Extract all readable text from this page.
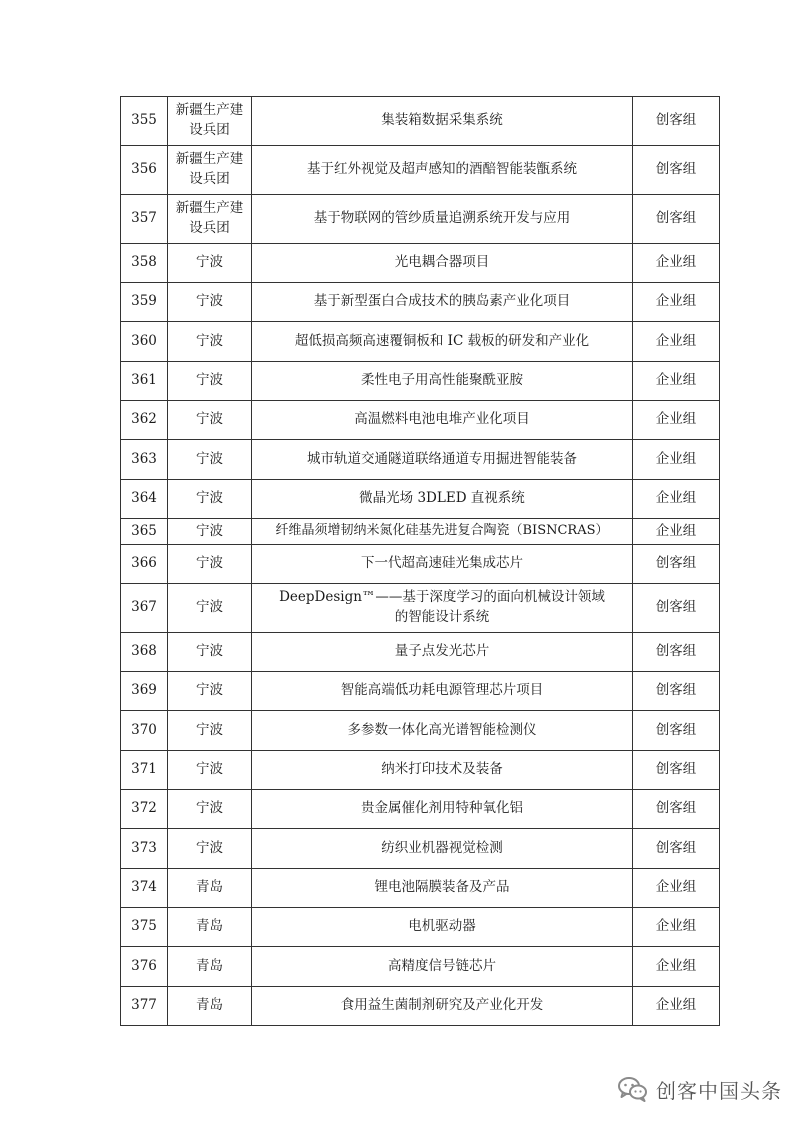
355	新疆生产建设兵团	集装箱数据采集系统	创客组
356	新疆生产建设兵团	基于红外视觉及超声感知的酒醅智能装甑系统	创客组
357	新疆生产建设兵团	基于物联网的管纱质量追溯系统开发与应用	创客组
358	宁波	光电耦合器项目	企业组
359	宁波	基于新型蛋白合成技术的胰岛素产业化项目	企业组
360	宁波	超低损高频高速覆铜板和 IC 载板的研发和产业化	企业组
361	宁波	柔性电子用高性能聚酰亚胺	企业组
362	宁波	高温燃料电池电堆产业化项目	企业组
363	宁波	城市轨道交通隧道联络通道专用掘进智能装备	企业组
364	宁波	微晶光场 3DLED 直视系统	企业组
365	宁波	纤维晶须增韧纳米氮化硅基先进复合陶瓷（BISNCRAS）	企业组
366	宁波	下一代超高速硅光集成芯片	创客组
367	宁波	DeepDesign™——基于深度学习的面向机械设计领域的智能设计系统	创客组
368	宁波	量子点发光芯片	创客组
369	宁波	智能高端低功耗电源管理芯片项目	创客组
370	宁波	多参数一体化高光谱智能检测仪	创客组
371	宁波	纳米打印技术及装备	创客组
372	宁波	贵金属催化剂用特种氧化铝	创客组
373	宁波	纺织业机器视觉检测	创客组
374	青岛	锂电池隔膜装备及产品	企业组
375	青岛	电机驱动器	企业组
376	青岛	高精度信号链芯片	企业组
377	青岛	食用益生菌制剂研究及产业化开发	企业组
创客中国头条
